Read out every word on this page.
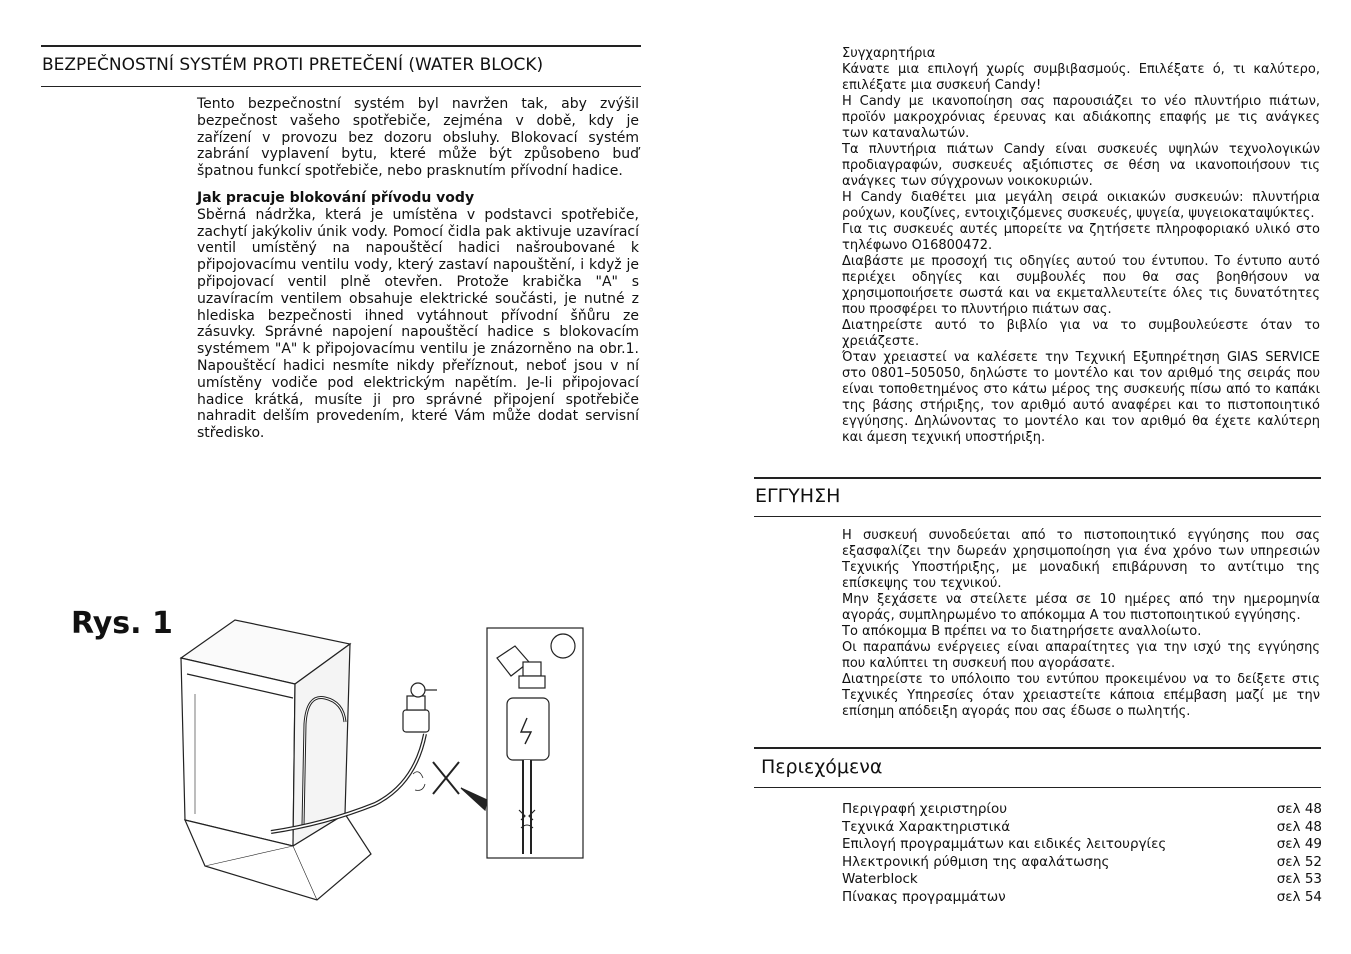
BEZPEČNOSTNÍ SYSTÉM PROTI PRETEČENÍ (WATER BLOCK)

Tento bezpečnostní systém byl navržen tak, aby zvýšil bezpečnost vašeho spotřebiče, zejména v době, kdy je zařízení v provozu bez dozoru obsluhy. Blokovací systém zabrání vyplavení bytu, které může být způsobeno buď špatnou funkcí spotřebiče, nebo prasknutím přívodní hadice.

Jak pracuje blokování přívodu vody

Sběrná nádržka, která je umístěna v podstavci spotřebiče, zachytí jakýkoliv únik vody. Pomocí čidla pak aktivuje uzavírací ventil umístěný na napouštěcí hadici našroubované k připojovacímu ventilu vody, který zastaví napouštění, i když je připojovací ventil plně otevřen. Protože krabička "A" s uzavíracím ventilem obsahuje elektrické součásti, je nutné z hlediska bezpečnosti ihned vytáhnout přívodní šňůru ze zásuvky. Správné napojení napouštěcí hadice s blokovacím systémem "A" k připojovacímu ventilu je znázorněno na obr.1. Napouštěcí hadici nesmíte nikdy přeříznout, neboť jsou v ní umístěny vodiče pod elektrickým napětím. Je-li připojovací hadice krátká, musíte ji pro správné připojení spotřebiče nahradit delším provedením, které Vám může dodat servisní středisko.

Rys. 1

Συγχαρητήρια

Κάνατε μια επιλογή χωρίς συμβιβασμούς. Επιλέξατε ό, τι καλύτερο, επιλέξατε μια συσκευή Candy!

Η Candy με ικανοποίηση σας παρουσιάζει το νέο πλυντήριο πιάτων, προϊόν μακροχρόνιας έρευνας και αδιάκοπης επαφής με τις ανάγκες των καταναλωτών.

Τα πλυντήρια πιάτων Candy είναι συσκευές υψηλών τεχνολογικών προδιαγραφών, συσκευές αξιόπιστες σε θέση να ικανοποιήσουν τις ανάγκες των σύγχρονων νοικοκυριών.

Η Candy διαθέτει μια μεγάλη σειρά οικιακών συσκευών: πλυντήρια ρούχων, κουζίνες, εντοιχιζόμενες συσκευές, ψυγεία, ψυγειοκαταψύκτες.

Για τις συσκευές αυτές μπορείτε να ζητήσετε πληροφοριακό υλικό στο τηλέφωνο O16800472.

Διαβάστε με προσοχή τις οδηγίες αυτού του έντυπου. Το έντυπο αυτό περιέχει οδηγίες και συμβουλές που θα σας βοηθήσουν να χρησιμοποιήσετε σωστά και να εκμεταλλευτείτε όλες τις δυνατότητες που προσφέρει το πλυντήριο πιάτων σας.

Διατηρείστε αυτό το βιβλίο για να το συμβουλεύεστε όταν το χρειάζεστε.

Όταν χρειαστεί να καλέσετε την Τεχνική Εξυπηρέτηση GIAS SERVICE στο 0801–505050, δηλώστε το μοντέλο και τον αριθμό της σειράς που είναι τοποθετημένος στο κάτω μέρος της συσκευής πίσω από το καπάκι της βάσης στήριξης, τον αριθμό αυτό αναφέρει και το πιστοποιητικό εγγύησης. Δηλώνοντας το μοντέλο και τον αριθμό θα έχετε καλύτερη και άμεση τεχνική υποστήριξη.

ΕΓΓΥΗΣΗ

Η συσκευή συνοδεύεται από το πιστοποιητικό εγγύησης που σας εξασφαλίζει την δωρεάν χρησιμοποίηση για ένα χρόνο των υπηρεσιών Τεχνικής Υποστήριξης, με μοναδική επιβάρυνση το αντίτιμο της επίσκεψης του τεχνικού.

Μην ξεχάσετε να στείλετε μέσα σε 10 ημέρες από την ημερομηνία αγοράς, συμπληρωμένο το απόκομμα Α του πιστοποιητικού εγγύησης.

Το απόκομμα Β πρέπει να το διατηρήσετε αναλλοίωτο.

Οι παραπάνω ενέργειες είναι απαραίτητες για την ισχύ της εγγύησης που καλύπτει τη συσκευή που αγοράσατε.

Διατηρείστε το υπόλοιπο του εντύπου προκειμένου να το δείξετε στις Τεχνικές Υπηρεσίες όταν χρειαστείτε κάποια επέμβαση μαζί με την επίσημη απόδειξη αγοράς που σας έδωσε ο πωλητής.

Περιεχόμενα
Περιγραφή χειριστηρίου	σελ 48
Τεχνικά Χαρακτηριστικά	σελ 48
Επιλογή προγραμμάτων και ειδικές λειτουργίες	σελ 49
Ηλεκτρονική ρύθμιση της αφαλάτωσης	σελ 52
Waterblock	σελ 53
Πίνακας προγραμμάτων	σελ 54
